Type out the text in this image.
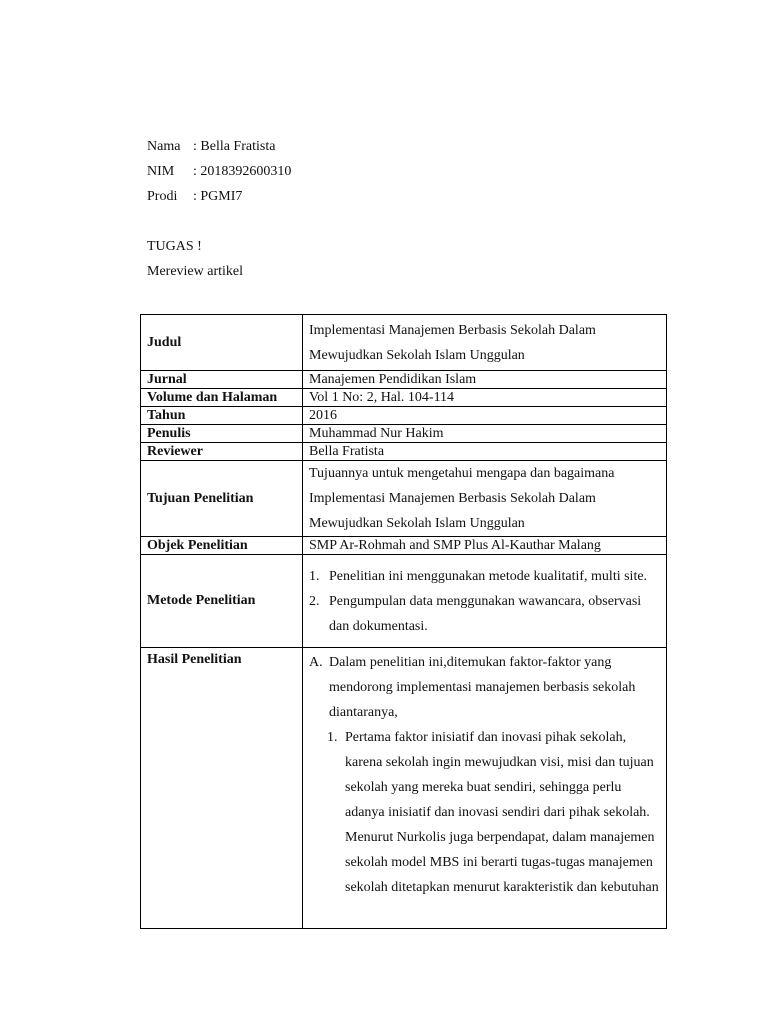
Nama : Bella Fratista
NIM : 2018392600310
Prodi : PGMI7
TUGAS !
Mereview artikel
Judul	Implementasi Manajemen Berbasis Sekolah Dalam Mewujudkan Sekolah Islam Unggulan
Jurnal	Manajemen Pendidikan Islam
Volume dan Halaman	Vol 1 No: 2, Hal. 104-114
Tahun	2016
Penulis	Muhammad Nur Hakim
Reviewer	Bella Fratista
Tujuan Penelitian	Tujuannya untuk mengetahui mengapa dan bagaimana Implementasi Manajemen Berbasis Sekolah Dalam Mewujudkan Sekolah Islam Unggulan
Objek Penelitian	SMP Ar-Rohmah and SMP Plus Al-Kauthar Malang
Metode Penelitian	1. Penelitian ini menggunakan metode kualitatif, multi site.
2. Pengumpulan data menggunakan wawancara, observasi dan dokumentasi.

Hasil Penelitian	A. Dalam penelitian ini,ditemukan faktor-faktor yang mendorong implementasi manajemen berbasis sekolah diantaranya,
1. Pertama faktor inisiatif dan inovasi pihak sekolah, karena sekolah ingin mewujudkan visi, misi dan tujuan sekolah yang mereka buat sendiri, sehingga perlu adanya inisiatif dan inovasi sendiri dari pihak sekolah. Menurut Nurkolis juga berpendapat, dalam manajemen sekolah model MBS ini berarti tugas-tugas manajemen sekolah ditetapkan menurut karakteristik dan kebutuhan
